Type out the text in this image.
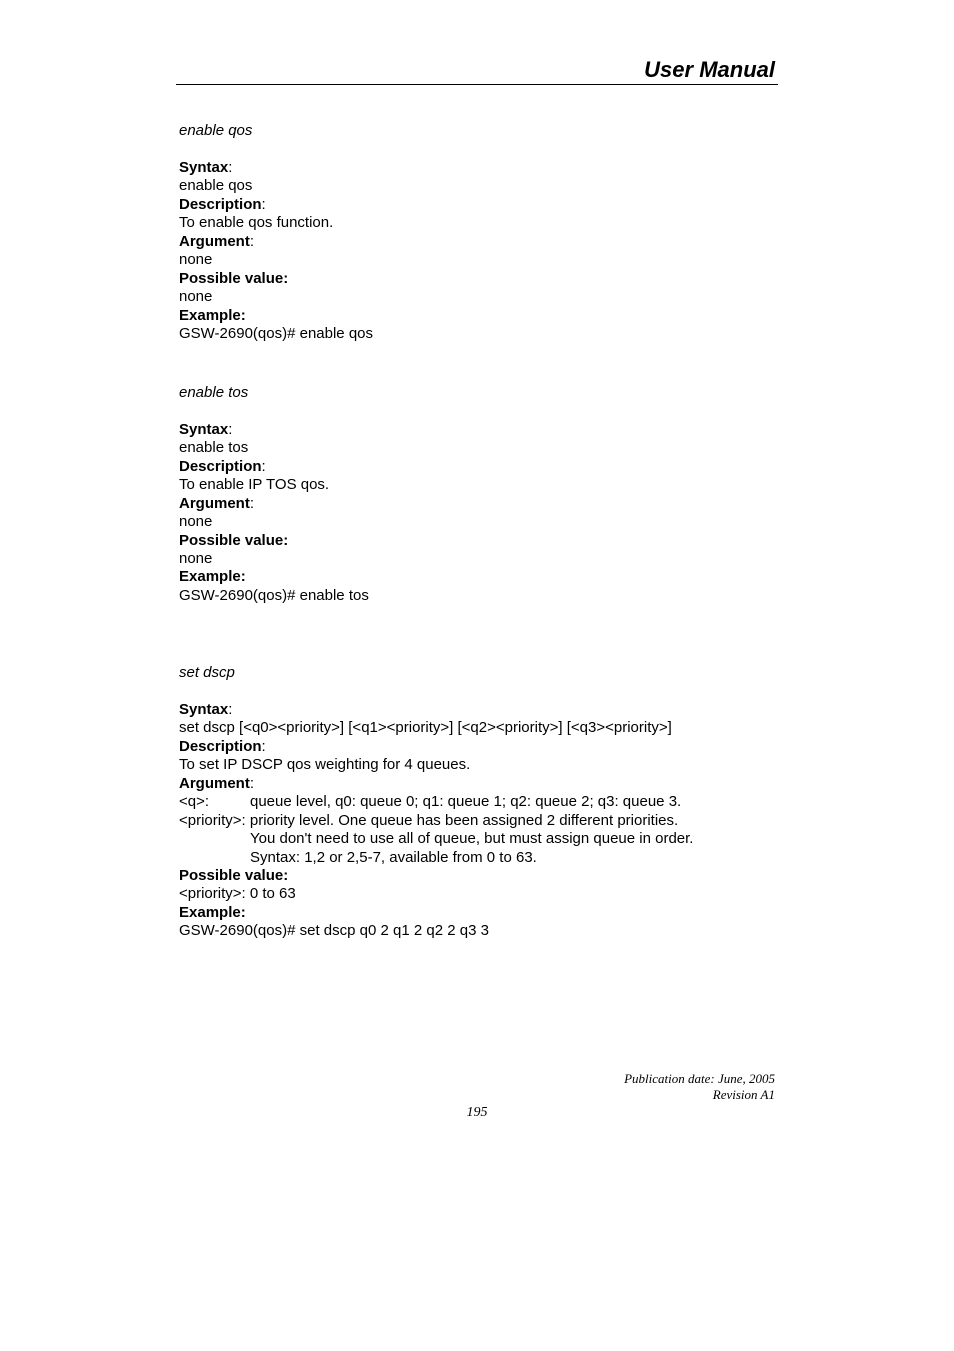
User Manual
enable qos
Syntax:
enable qos
Description:
To enable qos function.
Argument:
none
Possible value:
none
Example:
GSW-2690(qos)# enable qos
enable tos
Syntax:
enable tos
Description:
To enable IP TOS qos.
Argument:
none
Possible value:
none
Example:
GSW-2690(qos)# enable tos
set dscp
Syntax:
set dscp [<q0><priority>] [<q1><priority>] [<q2><priority>] [<q3><priority>]
Description:
To set IP DSCP qos weighting for 4 queues.
Argument:
<q>:	queue level, q0: queue 0; q1: queue 1; q2: queue 2; q3: queue 3.
<priority>: priority level. One queue has been assigned 2 different priorities.
You don't need to use all of queue, but must assign queue in order.
Syntax: 1,2 or 2,5-7, available from 0 to 63.
Possible value:
<priority>: 0 to 63
Example:
GSW-2690(qos)# set dscp q0 2 q1 2 q2 2 q3 3
Publication date: June, 2005
Revision A1
195
